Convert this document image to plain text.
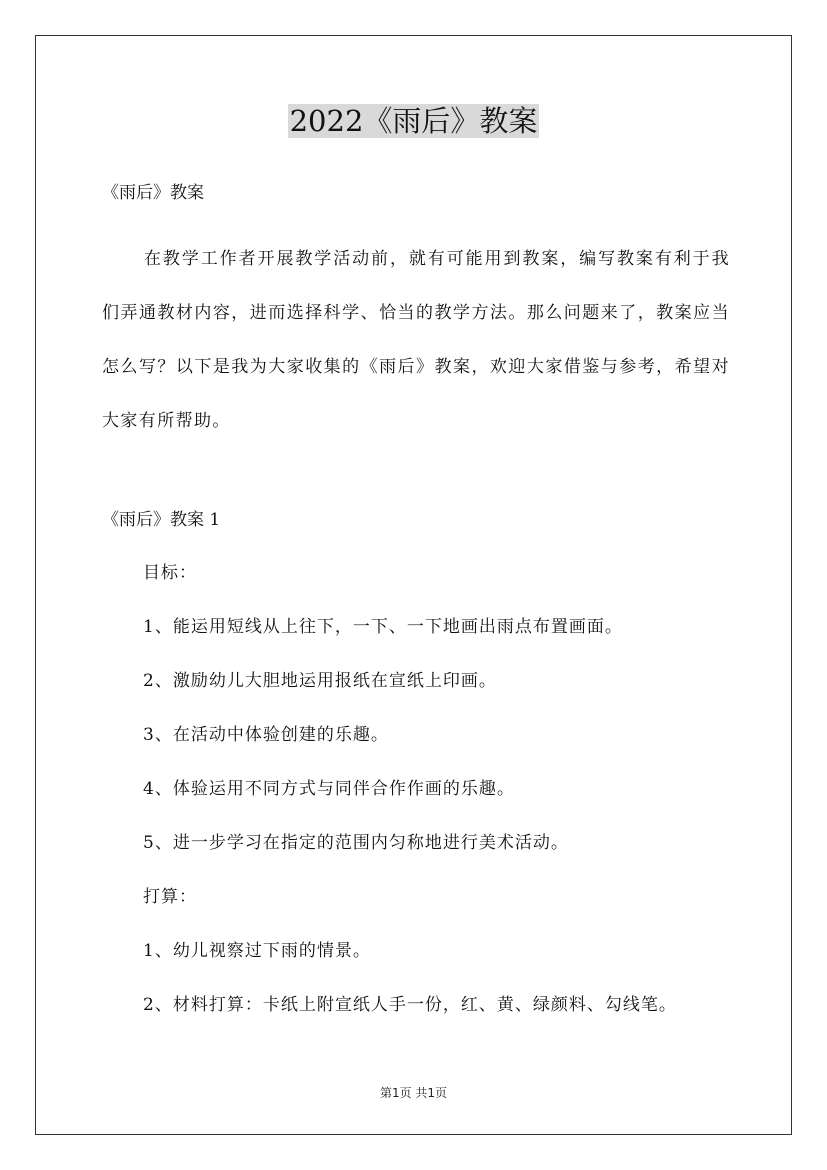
2022《雨后》教案
《雨后》教案

在教学工作者开展教学活动前，就有可能用到教案，编写教案有利于我们弄通教材内容，进而选择科学、恰当的教学方法。那么问题来了，教案应当怎么写？以下是我为大家收集的《雨后》教案，欢迎大家借鉴与参考，希望对大家有所帮助。

《雨后》教案 1
目标：
1、能运用短线从上往下，一下、一下地画出雨点布置画面。
2、激励幼儿大胆地运用报纸在宣纸上印画。
3、在活动中体验创建的乐趣。
4、体验运用不同方式与同伴合作作画的乐趣。
5、进一步学习在指定的范围内匀称地进行美术活动。
打算：
1、幼儿视察过下雨的情景。
2、材料打算：卡纸上附宣纸人手一份，红、黄、绿颜料、勾线笔。
第1页 共1页
